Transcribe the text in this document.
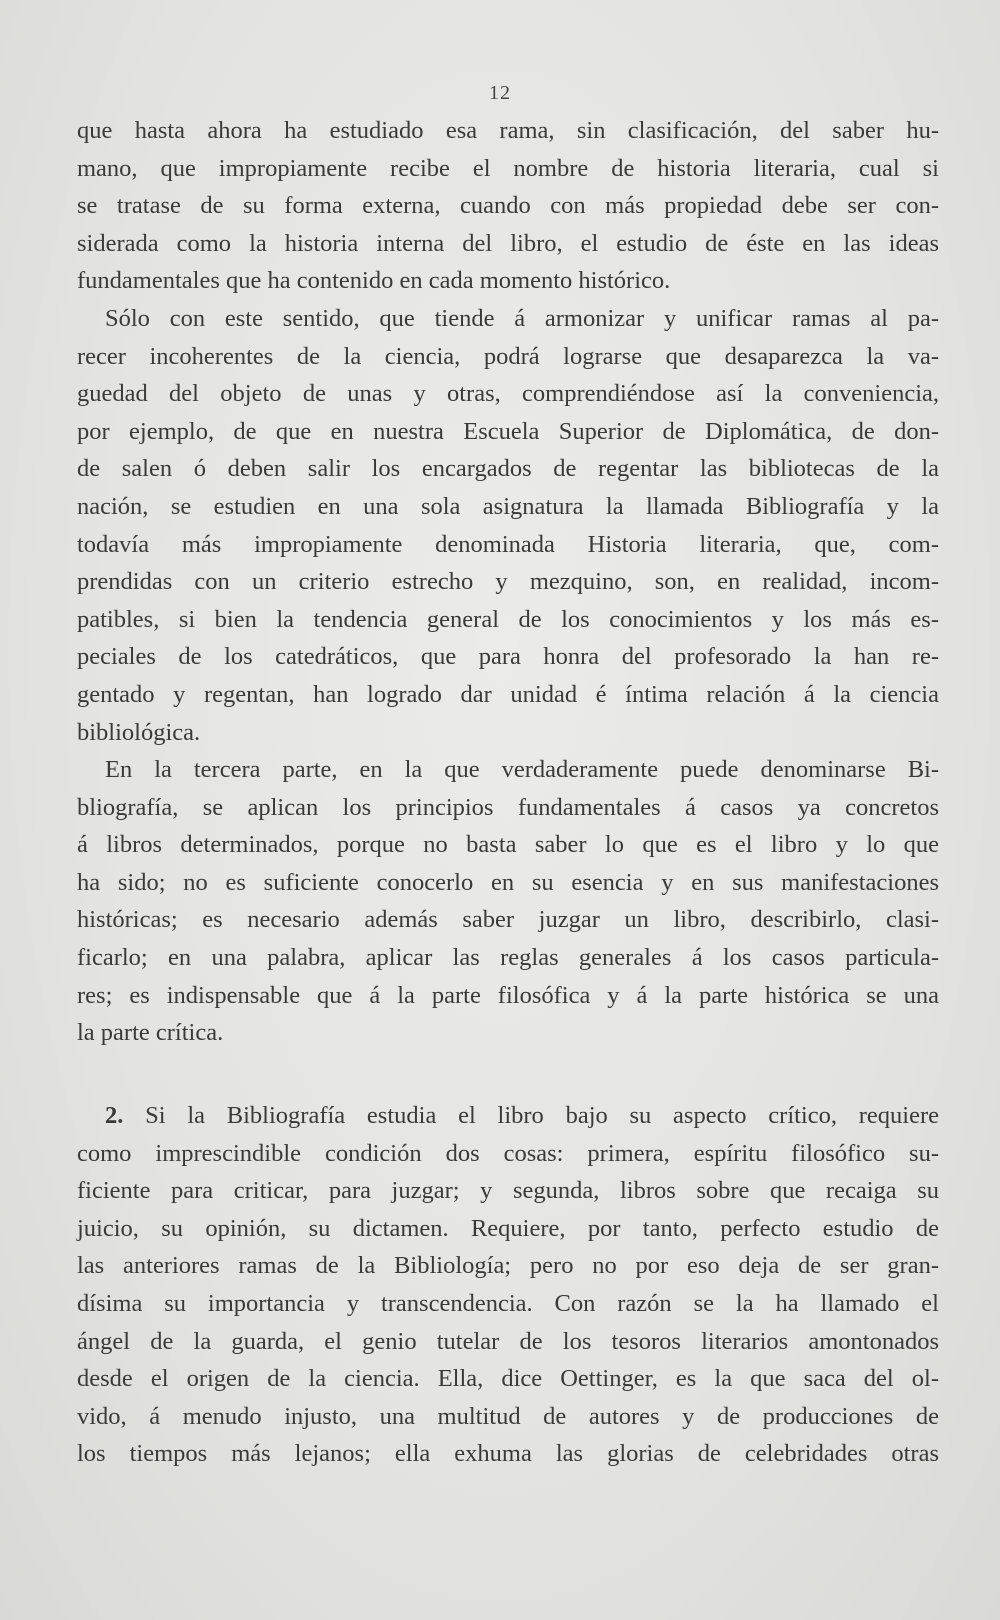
12

que hasta ahora ha estudiado esa rama, sin clasificación, del saber hu-
mano, que impropiamente recibe el nombre de historia literaria, cual si
se tratase de su forma externa, cuando con más propiedad debe ser con-
siderada como la historia interna del libro, el estudio de éste en las ideas
fundamentales que ha contenido en cada momento histórico.

Sólo con este sentido, que tiende á armonizar y unificar ramas al pa-
recer incoherentes de la ciencia, podrá lograrse que desaparezca la va-
guedad del objeto de unas y otras, comprendiéndose así la conveniencia,
por ejemplo, de que en nuestra Escuela Superior de Diplomática, de don-
de salen ó deben salir los encargados de regentar las bibliotecas de la
nación, se estudien en una sola asignatura la llamada Bibliografía y la
todavía más impropiamente denominada Historia literaria, que, com-
prendidas con un criterio estrecho y mezquino, son, en realidad, incom-
patibles, si bien la tendencia general de los conocimientos y los más es-
peciales de los catedráticos, que para honra del profesorado la han re-
gentado y regentan, han logrado dar unidad é íntima relación á la ciencia
bibliológica.

En la tercera parte, en la que verdaderamente puede denominarse Bi-
bliografía, se aplican los principios fundamentales á casos ya concretos
á libros determinados, porque no basta saber lo que es el libro y lo que
ha sido; no es suficiente conocerlo en su esencia y en sus manifestaciones
históricas; es necesario además saber juzgar un libro, describirlo, clasi-
ficarlo; en una palabra, aplicar las reglas generales á los casos particula-
res; es indispensable que á la parte filosófica y á la parte histórica se una
la parte crítica.

2. Si la Bibliografía estudia el libro bajo su aspecto crítico, requiere
como imprescindible condición dos cosas: primera, espíritu filosófico su-
ficiente para criticar, para juzgar; y segunda, libros sobre que recaiga su
juicio, su opinión, su dictamen. Requiere, por tanto, perfecto estudio de
las anteriores ramas de la Bibliología; pero no por eso deja de ser gran-
dísima su importancia y transcendencia. Con razón se la ha llamado el
ángel de la guarda, el genio tutelar de los tesoros literarios amontonados
desde el origen de la ciencia. Ella, dice Oettinger, es la que saca del ol-
vido, á menudo injusto, una multitud de autores y de producciones de
los tiempos más lejanos; ella exhuma las glorias de celebridades otras
